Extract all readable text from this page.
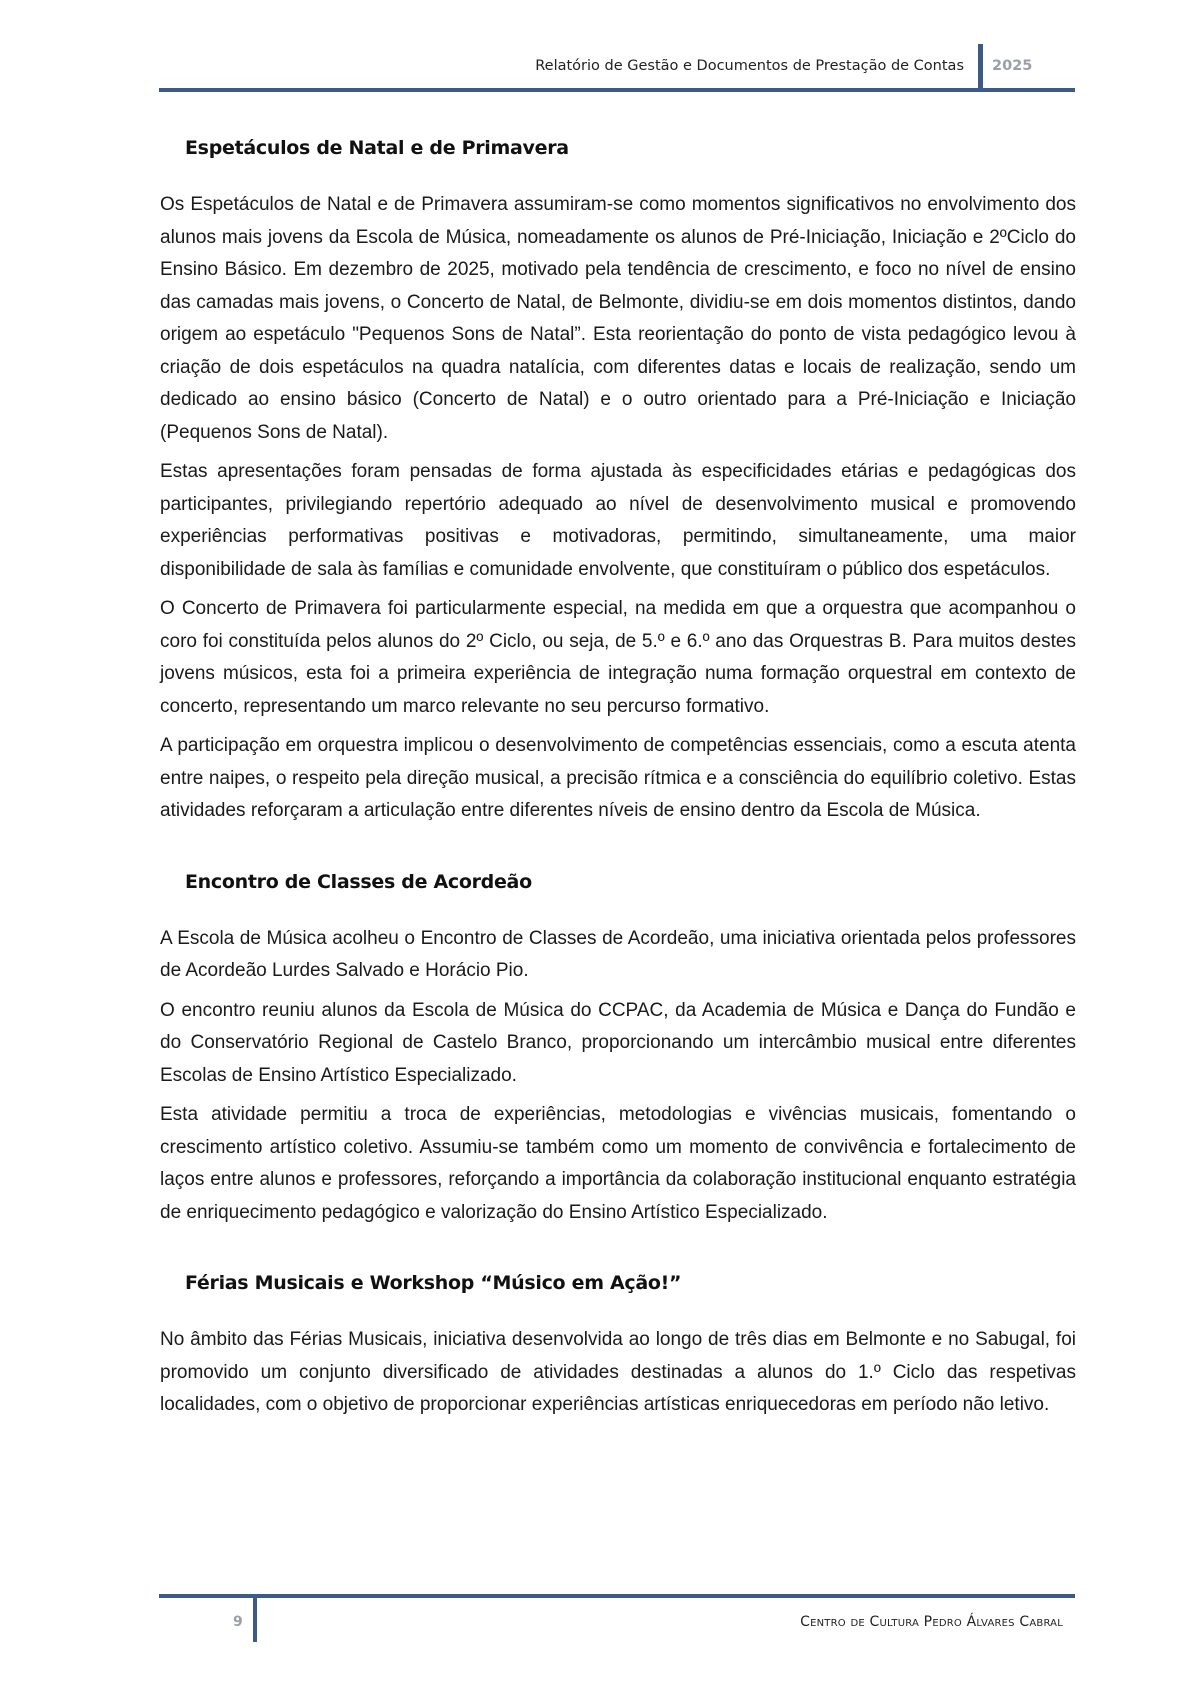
Relatório de Gestão e Documentos de Prestação de Contas 2025
Espetáculos de Natal e de Primavera

Os Espetáculos de Natal e de Primavera assumiram-se como momentos significativos no envolvimento dos alunos mais jovens da Escola de Música, nomeadamente os alunos de Pré-Iniciação, Iniciação e 2ºCiclo do Ensino Básico. Em dezembro de 2025, motivado pela tendência de crescimento, e foco no nível de ensino das camadas mais jovens, o Concerto de Natal, de Belmonte, dividiu-se em dois momentos distintos, dando origem ao espetáculo "Pequenos Sons de Natal”. Esta reorientação do ponto de vista pedagógico levou à criação de dois espetáculos na quadra natalícia, com diferentes datas e locais de realização, sendo um dedicado ao ensino básico (Concerto de Natal) e o outro orientado para a Pré-Iniciação e Iniciação (Pequenos Sons de Natal).

Estas apresentações foram pensadas de forma ajustada às especificidades etárias e pedagógicas dos participantes, privilegiando repertório adequado ao nível de desenvolvimento musical e promovendo experiências performativas positivas e motivadoras, permitindo, simultaneamente, uma maior disponibilidade de sala às famílias e comunidade envolvente, que constituíram o público dos espetáculos.

O Concerto de Primavera foi particularmente especial, na medida em que a orquestra que acompanhou o coro foi constituída pelos alunos do 2º Ciclo, ou seja, de 5.º e 6.º ano das Orquestras B. Para muitos destes jovens músicos, esta foi a primeira experiência de integração numa formação orquestral em contexto de concerto, representando um marco relevante no seu percurso formativo.

A participação em orquestra implicou o desenvolvimento de competências essenciais, como a escuta atenta entre naipes, o respeito pela direção musical, a precisão rítmica e a consciência do equilíbrio coletivo. Estas atividades reforçaram a articulação entre diferentes níveis de ensino dentro da Escola de Música.

Encontro de Classes de Acordeão

A Escola de Música acolheu o Encontro de Classes de Acordeão, uma iniciativa orientada pelos professores de Acordeão Lurdes Salvado e Horácio Pio.

O encontro reuniu alunos da Escola de Música do CCPAC, da Academia de Música e Dança do Fundão e do Conservatório Regional de Castelo Branco, proporcionando um intercâmbio musical entre diferentes Escolas de Ensino Artístico Especializado.

Esta atividade permitiu a troca de experiências, metodologias e vivências musicais, fomentando o crescimento artístico coletivo. Assumiu-se também como um momento de convivência e fortalecimento de laços entre alunos e professores, reforçando a importância da colaboração institucional enquanto estratégia de enriquecimento pedagógico e valorização do Ensino Artístico Especializado.

Férias Musicais e Workshop “Músico em Ação!”

No âmbito das Férias Musicais, iniciativa desenvolvida ao longo de três dias em Belmonte e no Sabugal, foi promovido um conjunto diversificado de atividades destinadas a alunos do 1.º Ciclo das respetivas localidades, com o objetivo de proporcionar experiências artísticas enriquecedoras em período não letivo.

9	Centro de Cultura Pedro Álvares Cabral
